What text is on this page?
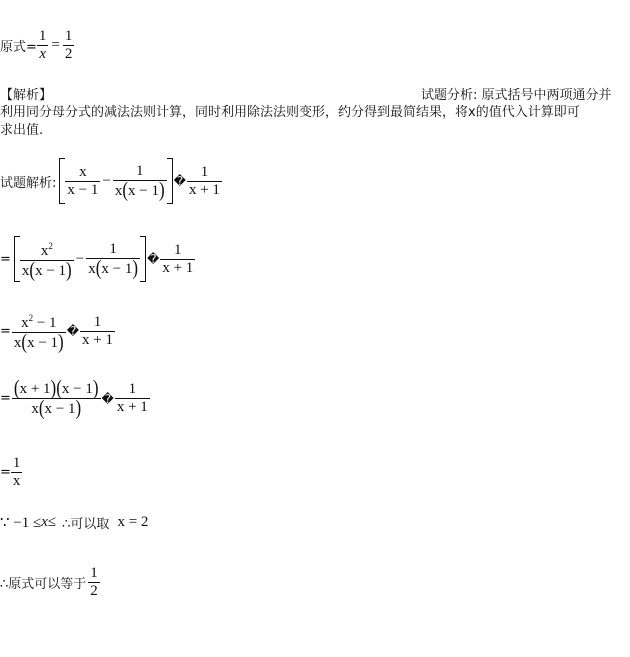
原式= $\frac{1}{x} = \frac{1}{2}$
【解析】	试题分析: 原式括号中两项通分并
利用同分母分式的减法法则计算，同时利用除法法则变形，约分得到最简结果，将x的值代入计算即可
求出值.
试题解析: $\frac{x}{x - 1} - \frac{1}{x(x - 1)}$ � $\frac{1}{x + 1}$
= $\frac{x^2}{x(x - 1)} - \frac{1}{x(x - 1)}$ � $\frac{1}{x + 1}$
= $\frac{x^2 - 1}{x(x - 1)}$ � $\frac{1}{x + 1}$
= $\frac{(x + 1)(x - 1)}{x(x - 1)}$ � $\frac{1}{x + 1}$
= $\frac{1}{x}$
∵ −1 ≤ x ≤ ∴可以取 x = 2
∴原式可以等于 $\frac{1}{2}$
